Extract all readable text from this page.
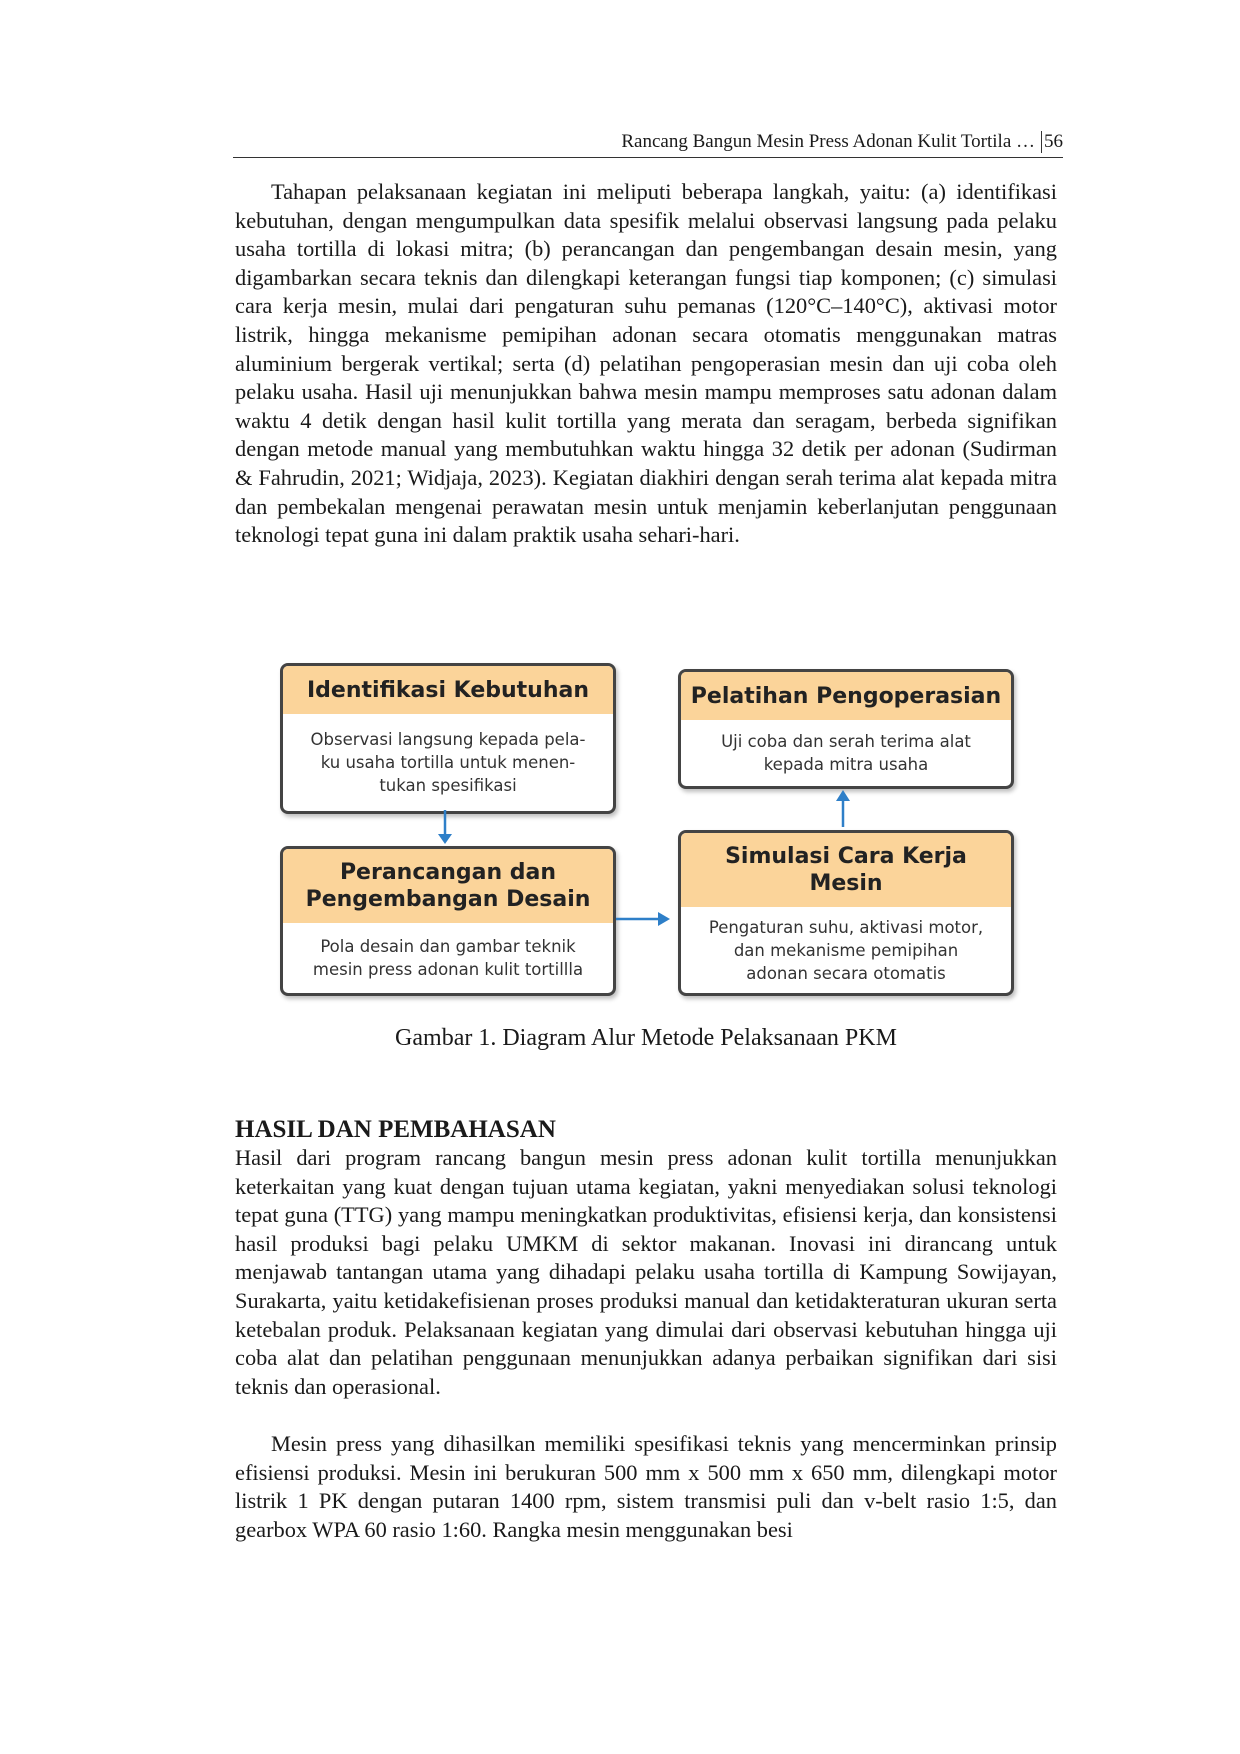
Rancang Bangun Mesin Press Adonan Kulit Tortila … 56

Tahapan pelaksanaan kegiatan ini meliputi beberapa langkah, yaitu: (a) identifikasi kebutuhan, dengan mengumpulkan data spesifik melalui observasi langsung pada pelaku usaha tortilla di lokasi mitra; (b) perancangan dan pengembangan desain mesin, yang digambarkan secara teknis dan dilengkapi keterangan fungsi tiap komponen; (c) simulasi cara kerja mesin, mulai dari pengaturan suhu pemanas (120°C–140°C), aktivasi motor listrik, hingga mekanisme pemipihan adonan secara otomatis menggunakan matras aluminium bergerak vertikal; serta (d) pelatihan pengoperasian mesin dan uji coba oleh pelaku usaha. Hasil uji menunjukkan bahwa mesin mampu memproses satu adonan dalam waktu 4 detik dengan hasil kulit tortilla yang merata dan seragam, berbeda signifikan dengan metode manual yang membutuhkan waktu hingga 32 detik per adonan (Sudirman & Fahrudin, 2021; Widjaja, 2023). Kegiatan diakhiri dengan serah terima alat kepada mitra dan pembekalan mengenai perawatan mesin untuk menjamin keberlanjutan penggunaan teknologi tepat guna ini dalam praktik usaha sehari-hari.

Identifikasi Kebutuhan
Observasi langsung kepada pela-
ku usaha tortilla untuk menen-
tukan spesifikasi
Perancangan dan
Pengembangan Desain
Pola desain dan gambar teknik
mesin press adonan kulit tortillla
Simulasi Cara Kerja
Mesin
Pengaturan suhu, aktivasi motor,
dan mekanisme pemipihan
adonan secara otomatis
Pelatihan Pengoperasian
Uji coba dan serah terima alat
kepada mitra usaha

Gambar 1. Diagram Alur Metode Pelaksanaan PKM

HASIL DAN PEMBAHASAN

Hasil dari program rancang bangun mesin press adonan kulit tortilla menunjukkan keterkaitan yang kuat dengan tujuan utama kegiatan, yakni menyediakan solusi teknologi tepat guna (TTG) yang mampu meningkatkan produktivitas, efisiensi kerja, dan konsistensi hasil produksi bagi pelaku UMKM di sektor makanan. Inovasi ini dirancang untuk menjawab tantangan utama yang dihadapi pelaku usaha tortilla di Kampung Sowijayan, Surakarta, yaitu ketidakefisienan proses produksi manual dan ketidakteraturan ukuran serta ketebalan produk. Pelaksanaan kegiatan yang dimulai dari observasi kebutuhan hingga uji coba alat dan pelatihan penggunaan menunjukkan adanya perbaikan signifikan dari sisi teknis dan operasional.

Mesin press yang dihasilkan memiliki spesifikasi teknis yang mencerminkan prinsip efisiensi produksi. Mesin ini berukuran 500 mm x 500 mm x 650 mm, dilengkapi motor listrik 1 PK dengan putaran 1400 rpm, sistem transmisi puli dan v-belt rasio 1:5, dan gearbox WPA 60 rasio 1:60. Rangka mesin menggunakan besi
